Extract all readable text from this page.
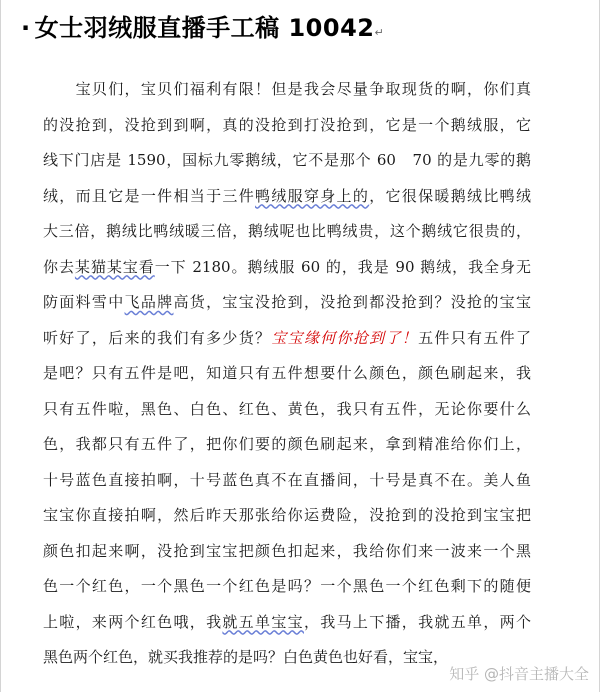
· 女士羽绒服直播手工稿 10042↵
　　宝贝们，宝贝们福利有限！但是我会尽量争取现货的啊，你们真
的没抢到，没抢到到啊，真的没抢到打没抢到，它是一个鹅绒服，它
线下门店是 1590，国标九零鹅绒，它不是那个 60　70 的是九零的鹅
绒，而且它是一件相当于三件鸭绒服穿身上的，它很保暖鹅绒比鸭绒
大三倍，鹅绒比鸭绒暖三倍，鹅绒呢也比鸭绒贵，这个鹅绒它很贵的，
你去某猫某宝看一下 2180。鹅绒服 60 的，我是 90 鹅绒，我全身无
防面料雪中飞品牌高货，宝宝没抢到，没抢到都没抢到？没抢的宝宝
听好了，后来的我们有多少货？宝宝缘何你抢到了！五件只有五件了
是吧？只有五件是吧，知道只有五件想要什么颜色，颜色刷起来，我
只有五件啦，黑色、白色、红色、黄色，我只有五件，无论你要什么
色，我都只有五件了，把你们要的颜色刷起来，拿到精准给你们上，
十号蓝色直接拍啊，十号蓝色真不在直播间，十号是真不在。美人鱼
宝宝你直接拍啊，然后昨天那张给你运费险，没抢到的没抢到宝宝把
颜色扣起来啊，没抢到宝宝把颜色扣起来，我给你们来一波来一个黑
色一个红色，一个黑色一个红色是吗？一个黑色一个红色剩下的随便
上啦，来两个红色哦，我就五单宝宝，我马上下播，我就五单，两个
黑色两个红色，就买我推荐的是吗？白色黄色也好看，宝宝，
知乎 @抖音主播大全
